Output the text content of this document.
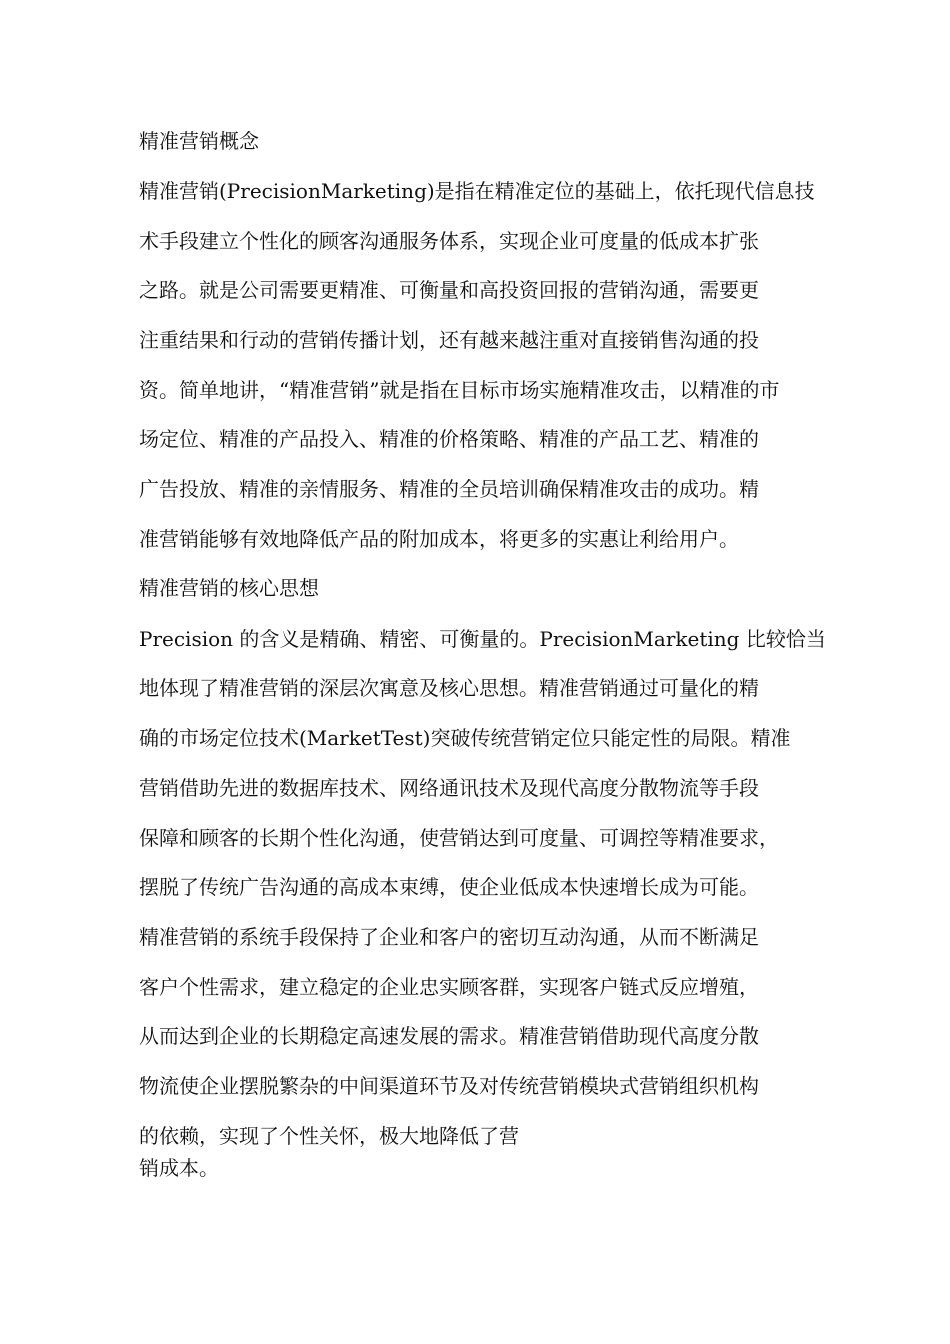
精准营销概念
精准营销(PrecisionMarketing)是指在精准定位的基础上，依托现代信息技
术手段建立个性化的顾客沟通服务体系，实现企业可度量的低成本扩张
之路。就是公司需要更精准、可衡量和高投资回报的营销沟通，需要更
注重结果和行动的营销传播计划，还有越来越注重对直接销售沟通的投
资。简单地讲，“精准营销”就是指在目标市场实施精准攻击，以精准的市
场定位、精准的产品投入、精准的价格策略、精准的产品工艺、精准的
广告投放、精准的亲情服务、精准的全员培训确保精准攻击的成功。精
准营销能够有效地降低产品的附加成本，将更多的实惠让利给用户。
精准营销的核心思想
Precision 的含义是精确、精密、可衡量的。PrecisionMarketing 比较恰当
地体现了精准营销的深层次寓意及核心思想。精准营销通过可量化的精
确的市场定位技术(MarketTest)突破传统营销定位只能定性的局限。精准
营销借助先进的数据库技术、网络通讯技术及现代高度分散物流等手段
保障和顾客的长期个性化沟通，使营销达到可度量、可调控等精准要求，
摆脱了传统广告沟通的高成本束缚，使企业低成本快速增长成为可能。
精准营销的系统手段保持了企业和客户的密切互动沟通，从而不断满足
客户个性需求，建立稳定的企业忠实顾客群，实现客户链式反应增殖，
从而达到企业的长期稳定高速发展的需求。精准营销借助现代高度分散
物流使企业摆脱繁杂的中间渠道环节及对传统营销模块式营销组织机构
的依赖，实现了个性关怀，极大地降低了营
销成本。
